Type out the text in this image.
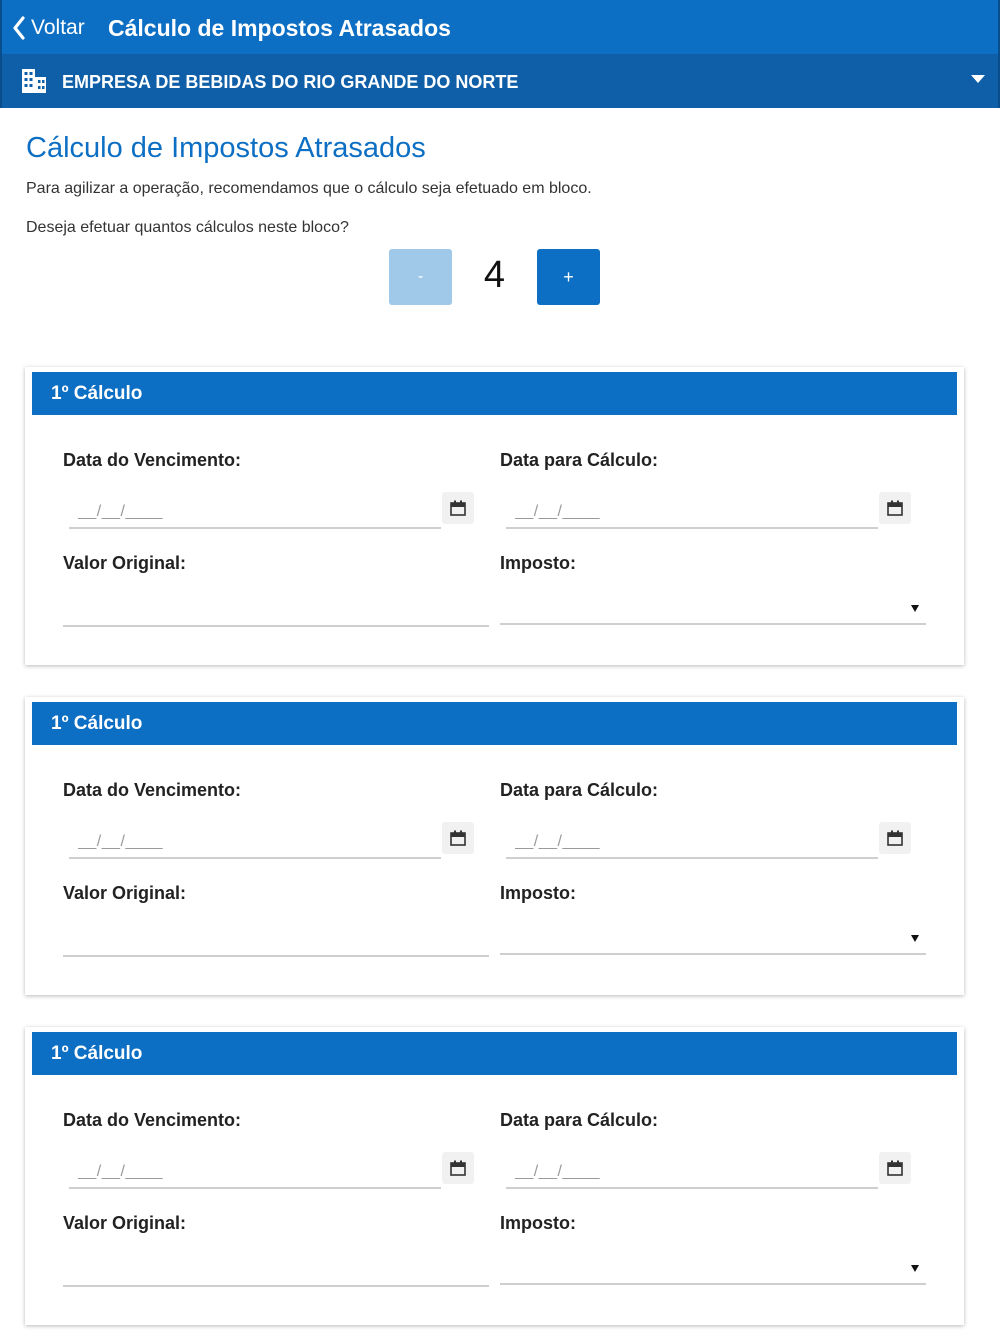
Voltar Cálculo de Impostos Atrasados
EMPRESA DE BEBIDAS DO RIO GRANDE DO NORTE
Cálculo de Impostos Atrasados
Para agilizar a operação, recomendamos que o cálculo seja efetuado em bloco.
Deseja efetuar quantos cálculos neste bloco?
-	4	+
1º Cálculo
Data do Vencimento:
__/__/____	Data para Cálculo:
__/__/____
Valor Original:	Imposto:
1º Cálculo
Data do Vencimento:
__/__/____	Data para Cálculo:
__/__/____
Valor Original:	Imposto:
1º Cálculo
Data do Vencimento:
__/__/____	Data para Cálculo:
__/__/____
Valor Original:	Imposto:
